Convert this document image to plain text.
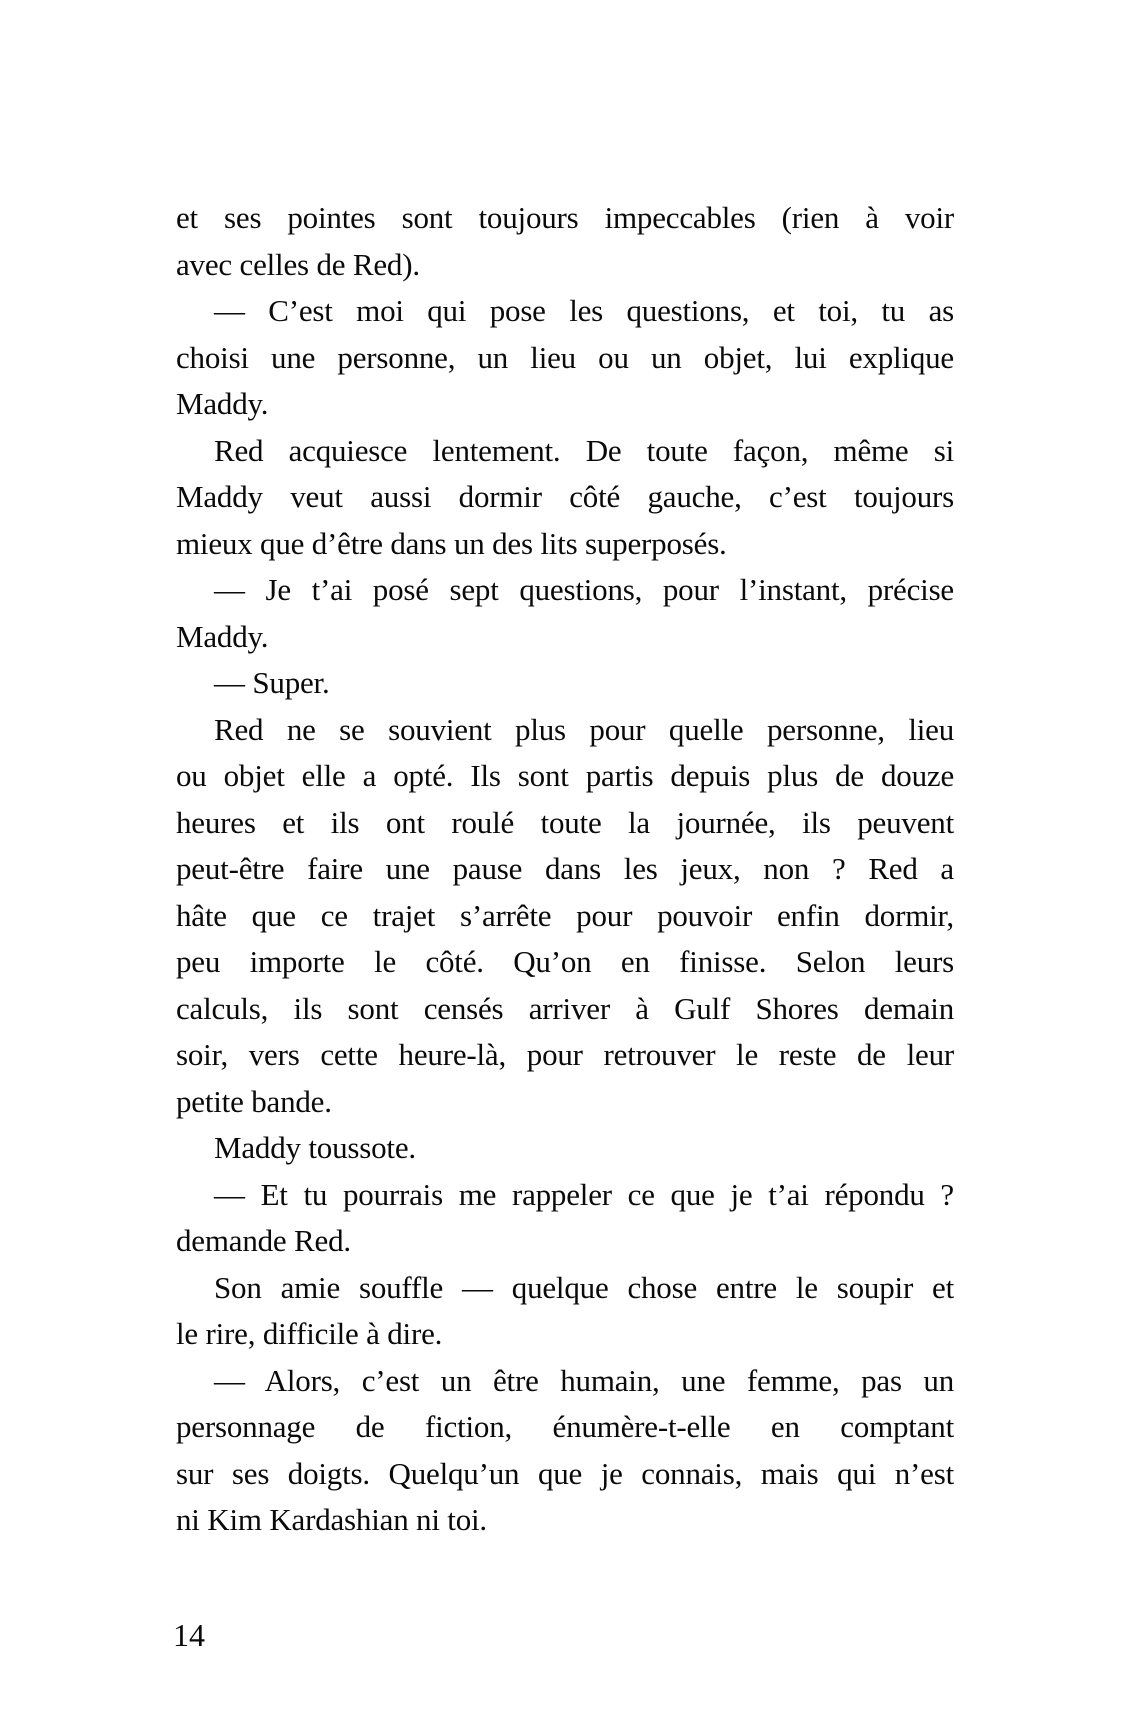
et ses pointes sont toujours impeccables (rien à voir
avec celles de Red).
— C’est moi qui pose les questions, et toi, tu as
choisi une personne, un lieu ou un objet, lui explique
Maddy.
Red acquiesce lentement. De toute façon, même si
Maddy veut aussi dormir côté gauche, c’est toujours
mieux que d’être dans un des lits superposés.
— Je t’ai posé sept questions, pour l’instant, précise
Maddy.
— Super.
Red ne se souvient plus pour quelle personne, lieu
ou objet elle a opté. Ils sont partis depuis plus de douze
heures et ils ont roulé toute la journée, ils peuvent
peut-être faire une pause dans les jeux, non ? Red a
hâte que ce trajet s’arrête pour pouvoir enfin dormir,
peu importe le côté. Qu’on en finisse. Selon leurs
calculs, ils sont censés arriver à Gulf Shores demain
soir, vers cette heure-là, pour retrouver le reste de leur
petite bande.
Maddy toussote.
— Et tu pourrais me rappeler ce que je t’ai répondu ?
demande Red.
Son amie souffle — quelque chose entre le soupir et
le rire, difficile à dire.
— Alors, c’est un être humain, une femme, pas un
personnage de fiction, énumère-t-elle en comptant
sur ses doigts. Quelqu’un que je connais, mais qui n’est
ni Kim Kardashian ni toi.
14
